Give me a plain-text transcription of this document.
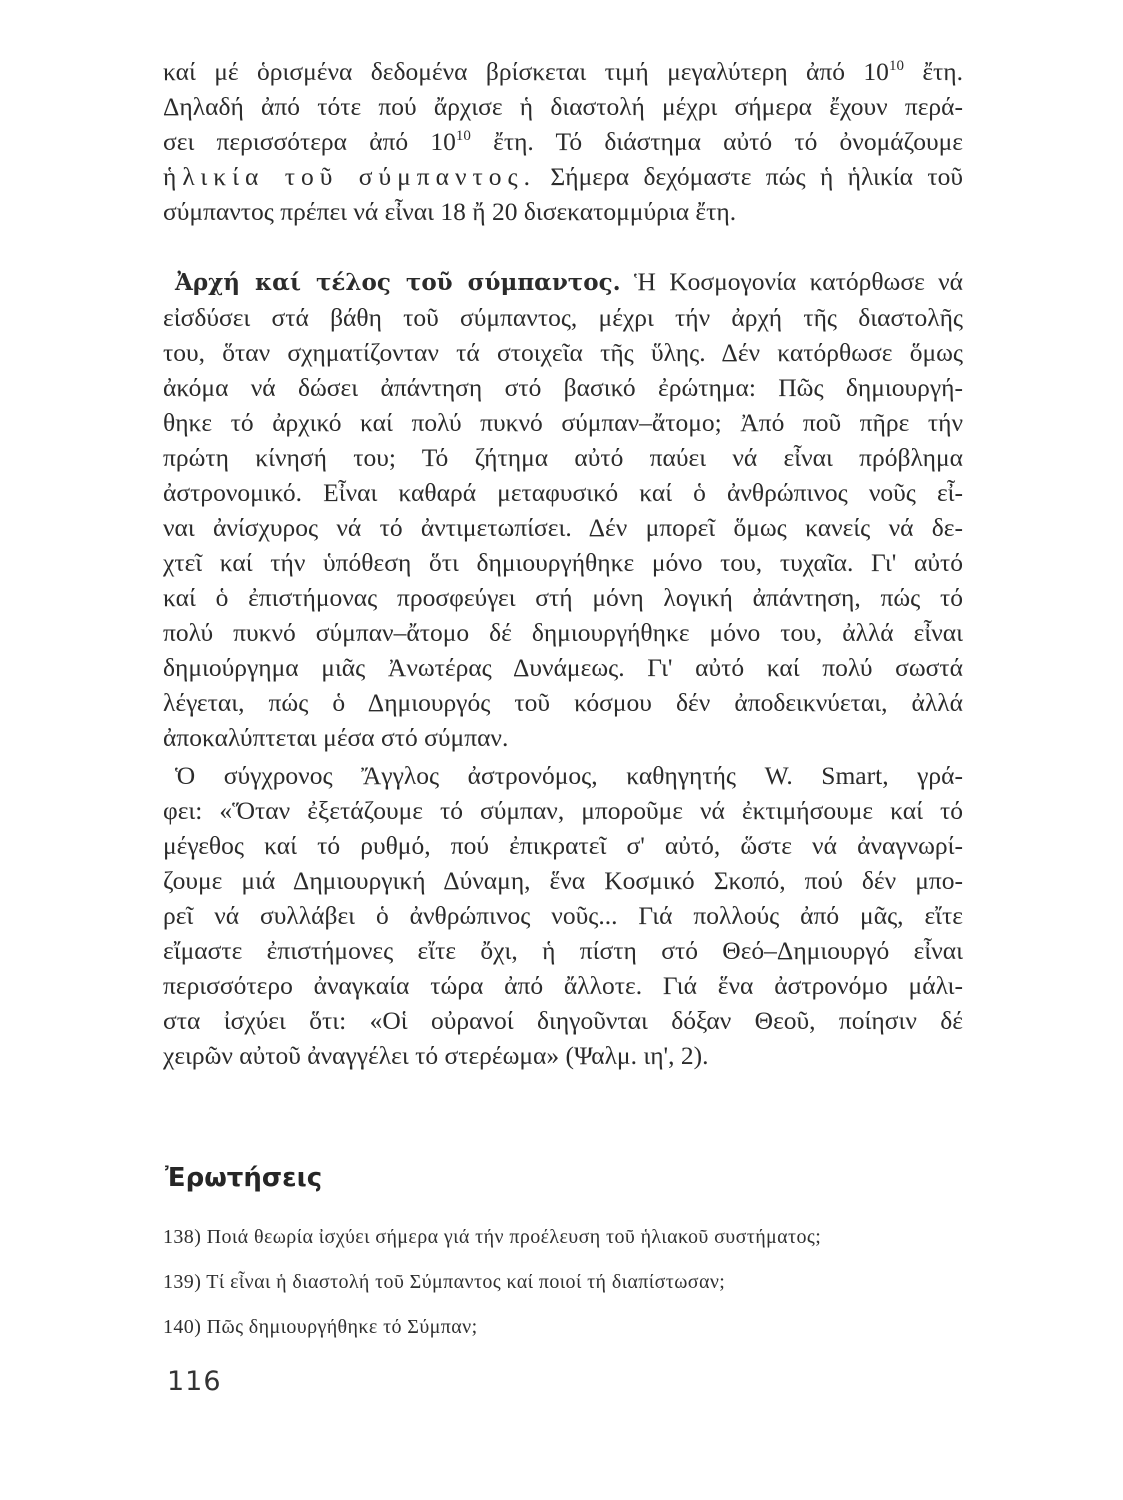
καί μέ ὁρισμένα δεδομένα βρίσκεται τιμή μεγαλύτερη ἀπό $10^{10}$ ἔτη.
Δηλαδή ἀπό τότε πού ἄρχισε ἡ διαστολή μέχρι σήμερα ἔχουν περά-
σει περισσότερα ἀπό $10^{10}$ ἔτη. Τό διάστημα αὐτό τό ὀνομάζουμε
ἡλικία τοῦ σύμπαντος. Σήμερα δεχόμαστε πώς ἡ ἡλικία τοῦ
σύμπαντος πρέπει νά εἶναι 18 ἤ 20 δισεκατομμύρια ἔτη.
Ἀρχή καί τέλος τοῦ σύμπαντος. Ἡ Κοσμογονία κατόρθωσε νά
εἰσδύσει στά βάθη τοῦ σύμπαντος, μέχρι τήν ἀρχή τῆς διαστολῆς
του, ὅταν σχηματίζονταν τά στοιχεῖα τῆς ὕλης. Δέν κατόρθωσε ὅμως
ἀκόμα νά δώσει ἀπάντηση στό βασικό ἐρώτημα: Πῶς δημιουργή-
θηκε τό ἀρχικό καί πολύ πυκνό σύμπαν–ἄτομο; Ἀπό ποῦ πῆρε τήν
πρώτη κίνησή του; Τό ζήτημα αὐτό παύει νά εἶναι πρόβλημα
ἀστρονομικό. Εἶναι καθαρά μεταφυσικό καί ὁ ἀνθρώπινος νοῦς εἶ-
ναι ἀνίσχυρος νά τό ἀντιμετωπίσει. Δέν μπορεῖ ὅμως κανείς νά δε-
χτεῖ καί τήν ὑπόθεση ὅτι δημιουργήθηκε μόνο του, τυχαῖα. Γι' αὐτό
καί ὁ ἐπιστήμονας προσφεύγει στή μόνη λογική ἀπάντηση, πώς τό
πολύ πυκνό σύμπαν–ἄτομο δέ δημιουργήθηκε μόνο του, ἀλλά εἶναι
δημιούργημα μιᾶς Ἀνωτέρας Δυνάμεως. Γι' αὐτό καί πολύ σωστά
λέγεται, πώς ὁ Δημιουργός τοῦ κόσμου δέν ἀποδεικνύεται, ἀλλά
ἀποκαλύπτεται μέσα στό σύμπαν.
Ὁ σύγχρονος Ἄγγλος ἀστρονόμος, καθηγητής W. Smart, γρά-
φει: «Ὅταν ἐξετάζουμε τό σύμπαν, μποροῦμε νά ἐκτιμήσουμε καί τό
μέγεθος καί τό ρυθμό, πού ἐπικρατεῖ σ' αὐτό, ὥστε νά ἀναγνωρί-
ζουμε μιά Δημιουργική Δύναμη, ἕνα Κοσμικό Σκοπό, πού δέν μπο-
ρεῖ νά συλλάβει ὁ ἀνθρώπινος νοῦς... Γιά πολλούς ἀπό μᾶς, εἴτε
εἴμαστε ἐπιστήμονες εἴτε ὄχι, ἡ πίστη στό Θεό–Δημιουργό εἶναι
περισσότερο ἀναγκαία τώρα ἀπό ἄλλοτε. Γιά ἕνα ἀστρονόμο μάλι-
στα ἰσχύει ὅτι: «Οἱ οὐρανοί διηγοῦνται δόξαν Θεοῦ, ποίησιν δέ
χειρῶν αὐτοῦ ἀναγγέλει τό στερέωμα» (Ψαλμ. ιη', 2).
Ἐρωτήσεις
138) Ποιά θεωρία ἰσχύει σήμερα γιά τήν προέλευση τοῦ ἡλιακοῦ συστήματος;
139) Τί εἶναι ἡ διαστολή τοῦ Σύμπαντος καί ποιοί τή διαπίστωσαν;
140) Πῶς δημιουργήθηκε τό Σύμπαν;
116
